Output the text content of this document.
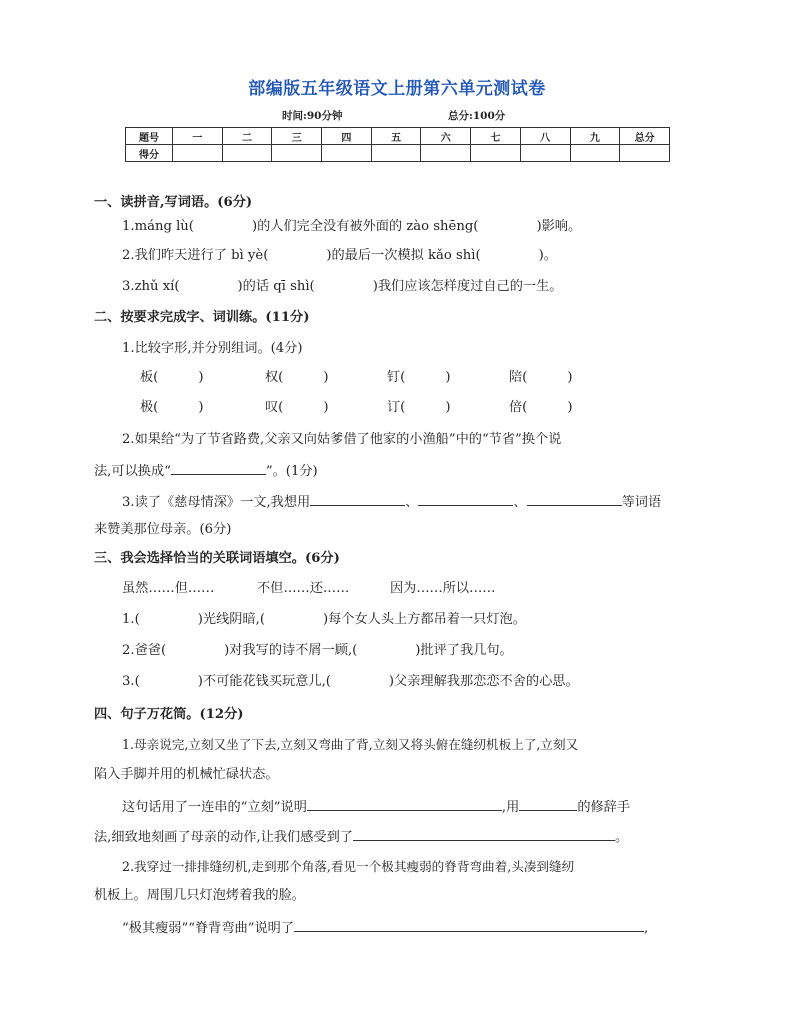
部编版五年级语文上册第六单元测试卷
时间:90分钟	总分:100分
题号	一	二	三	四	五	六	七	八	九	总分
得分										
一、读拼音,写词语。(6分)
1.máng lù(	)的人们完全没有被外面的 zào shēng(	)影响。
2.我们昨天进行了 bì yè(	)的最后一次模拟 kǎo shì(	)。
3.zhǔ xí(	)的话 qī shì(	)我们应该怎样度过自己的一生。
二、按要求完成字、词训练。(11分)
1.比较字形,并分别组词。(4分)
板(	)	权(	)	钉(	)	陪(	)
极(	)	叹(	)	订(	)	倍(	)
2.如果给“为了节省路费,父亲又向姑爹借了他家的小渔船”中的“节省”换个说
法,可以换成“	”。(1分)
3.读了《慈母情深》一文,我想用	、	、	等词语
来赞美那位母亲。(6分)
三、我会选择恰当的关联词语填空。(6分)
虽然……但……	不但……还……	因为……所以……
1.(	)光线阴暗,(	)每个女人头上方都吊着一只灯泡。
2.爸爸(	)对我写的诗不屑一顾,(	)批评了我几句。
3.(	)不可能花钱买玩意儿,(	)父亲理解我那恋恋不舍的心思。
四、句子万花筒。(12分)
1.母亲说完,立刻又坐了下去,立刻又弯曲了背,立刻又将头俯在缝纫机板上了,立刻又
陷入手脚并用的机械忙碌状态。
这句话用了一连串的“立刻”说明	,用	的修辞手
法,细致地刻画了母亲的动作,让我们感受到了	。
2.我穿过一排排缝纫机,走到那个角落,看见一个极其瘦弱的脊背弯曲着,头凑到缝纫
机板上。周围几只灯泡烤着我的脸。
“极其瘦弱”“脊背弯曲”说明了	,
